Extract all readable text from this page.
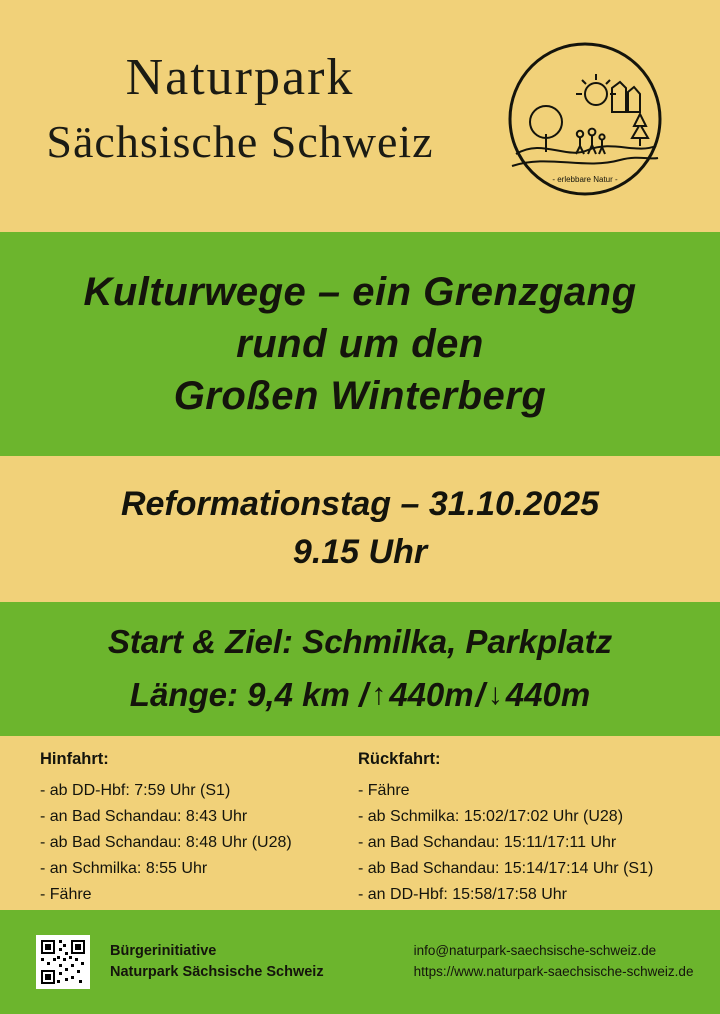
Naturpark
Sächsische Schweiz
- erlebbare Natur -
Kulturwege – ein Grenzgang
rund um den
Großen Winterberg
Reformationstag – 31.10.2025
9.15 Uhr
Start & Ziel: Schmilka, Parkplatz
Länge: 9,4 km / ↑ 440m / ↓ 440m
Hinfahrt:
- ab DD-Hbf: 7:59 Uhr (S1)
- an Bad Schandau: 8:43 Uhr
- ab Bad Schandau: 8:48 Uhr (U28)
- an Schmilka: 8:55 Uhr
- Fähre
Rückfahrt:
- Fähre
- ab Schmilka: 15:02/17:02 Uhr (U28)
- an Bad Schandau: 15:11/17:11 Uhr
- ab Bad Schandau: 15:14/17:14 Uhr (S1)
- an DD-Hbf: 15:58/17:58 Uhr
Bürgerinitiative
Naturpark Sächsische Schweiz
info@naturpark-saechsische-schweiz.de
https://www.naturpark-saechsische-schweiz.de
